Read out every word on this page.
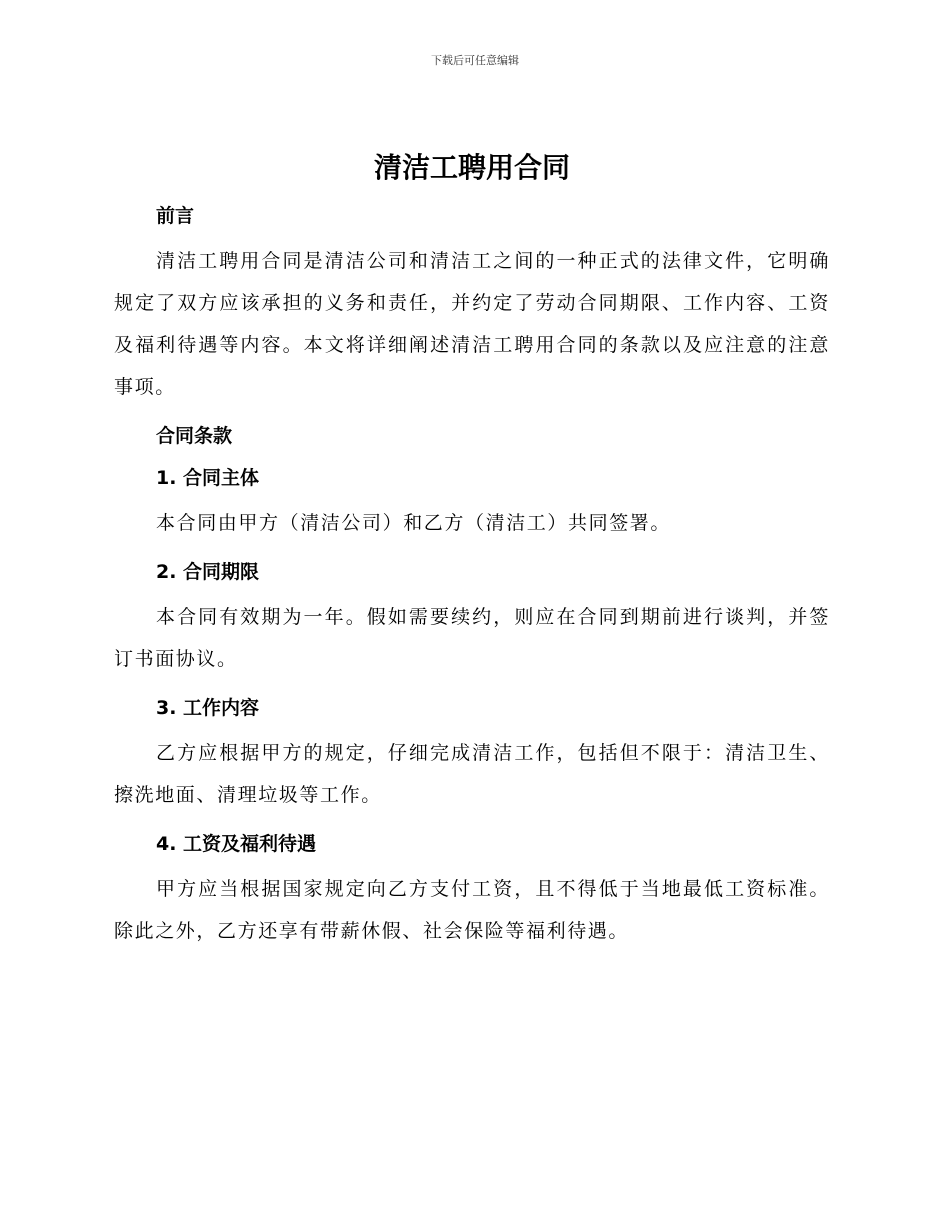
下载后可任意编辑
清洁工聘用合同
前言

清洁工聘用合同是清洁公司和清洁工之间的一种正式的法律文件，它明确规定了双方应该承担的义务和责任，并约定了劳动合同期限、工作内容、工资及福利待遇等内容。本文将详细阐述清洁工聘用合同的条款以及应注意的注意事项。

合同条款
1. 合同主体

本合同由甲方（清洁公司）和乙方（清洁工）共同签署。

2. 合同期限

本合同有效期为一年。假如需要续约，则应在合同到期前进行谈判，并签订书面协议。

3. 工作内容

乙方应根据甲方的规定，仔细完成清洁工作，包括但不限于：清洁卫生、擦洗地面、清理垃圾等工作。

4. 工资及福利待遇

甲方应当根据国家规定向乙方支付工资，且不得低于当地最低工资标准。除此之外，乙方还享有带薪休假、社会保险等福利待遇。
